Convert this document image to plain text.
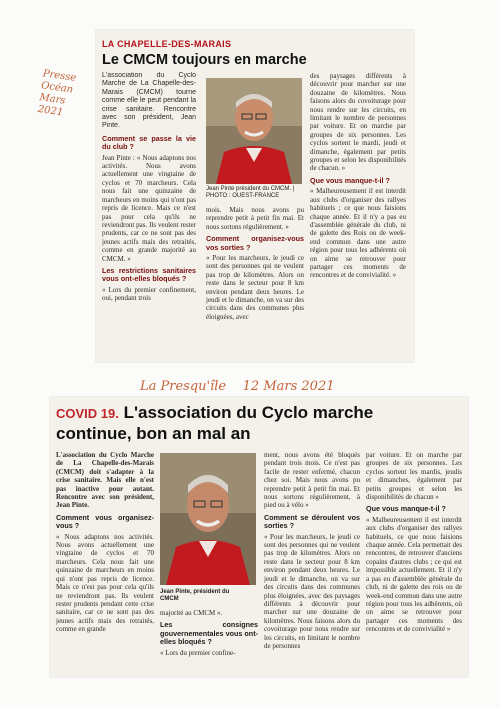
Presse
Océan
Mars
2021
La Presqu'île    12 Mars 2021
LA CHAPELLE-DES-MARAIS
Le CMCM toujours en marche

L'association du Cyclo Marche de La Chapelle-des-Marais (CMCM) tourne comme elle le peut pendant la crise sanitaire. Rencontre avec son président, Jean Pinte.

Comment se passe la vie du club ?

Jean Pinte : « Nous adaptons nos activités. Nous avons actuellement une vingtaine de cyclos et 70 marcheurs. Cela nous fait une quinzaine de marcheurs en moins qui n'ont pas repris de licence. Mais ce n'est pas pour cela qu'ils ne reviendront pas. Ils veulent rester prudents, car ce ne sont pas des jeunes actifs mais des retraités, comme en grande majorité au CMCM. »

Les restrictions sanitaires vous ont-elles bloqués ?

« Lors du premier confinement, oui, pendant trois

Jean Pinte président du CMCM. | PHOTO : OUEST-FRANCE

mois. Mais nous avons pu reprendre petit à petit fin mai. Et nous sortons régulièrement. »

Comment organisez-vous vos sorties ?

« Pour les marcheurs, le jeudi ce sont des personnes qui ne veulent pas trop de kilomètres. Alors on reste dans le secteur pour 8 km environ pendant deux heures. Le jeudi et le dimanche, on va sur des circuits dans des communes plus éloignées, avec

des paysages différents à découvrir pour marcher sur une douzaine de kilomètres. Nous faisons alors du covoiturage pour nous rendre sur les circuits, en limitant le nombre de personnes par voiture. Et on marche par groupes de six personnes. Les cyclos sortent le mardi, jeudi et dimanche, également par petits groupes et selon les disponibilités de chacun. »

Que vous manque-t-il ?

« Malheureusement il est interdit aux clubs d'organiser des rallyes habituels ; ce que nous faisions chaque année. Et il n'y a pas eu d'assemblée générale du club, ni de galette des Rois ou de week-end commun dans une autre région pour tous les adhérents où on aime se retrouver pour partager ces moments de rencontres et de convivialité. »

COVID 19. L'association du Cyclo marche
continue, bon an mal an

L'association du Cyclo Marche de La Chapelle-des-Marais (CMCM) doit s'adapter à la crise sanitaire. Mais elle n'est pas inactive pour autant. Rencontre avec son président, Jean Pinte.

Comment vous organisez-vous ?

« Nous adaptons nos activités. Nous avons actuellement une vingtaine de cyclos et 70 marcheurs. Cela nous fait une quinzaine de marcheurs en moins qui n'ont pas repris de licence. Mais ce n'est pas pour cela qu'ils ne reviendront pas. Ils veulent rester prudents pendant cette crise sanitaire, car ce ne sont pas des jeunes actifs mais des retraités, comme en grande

Jean Pinte, président du
CMCM

majorité au CMCM ».

Les consignes gouvernementales vous ont-elles bloqués ?

« Lors du premier confine-

ment, nous avons été bloqués pendant trois mois. Ce n'est pas facile de rester enfermé, chacun chez soi. Mais nous avons pu reprendre petit à petit fin mai. Et nous sortons régulièrement, à pied ou à vélo »

Comment se déroulent vos sorties ?

« Pour les marcheurs, le jeudi ce sont des personnes qui ne veulent pas trop de kilomètres. Alors on reste dans le secteur pour 8 km environ pendant deux heures. Le jeudi et le dimanche, on va sur des circuits dans des communes plus éloignées, avec des paysages différents à découvrir pour marcher sur une douzaine de kilomètres. Nous faisons alors du covoiturage pour nous rendre sur les circuits, en limitant le nombre de personnes

par voiture. Et on marche par groupes de six personnes. Les cyclos sortent les mardis, jeudis et dimanches, également par petits groupes et selon les disponibilités de chacun »

Que vous manque-t-il ?

« Malheureusement il est interdit aux clubs d'organiser des rallyes habituels, ce que nous faisions chaque année. Cela permettait des rencontres, de retrouver d'anciens copains d'autres clubs ; ce qui est impossible actuellement. Et il n'y a pas eu d'assemblée générale du club, ni de galette des rois ou de week-end commun dans une autre région pour tous les adhérents, où on aime se retrouver pour partager ces moments des rencontres et de convivialité »
